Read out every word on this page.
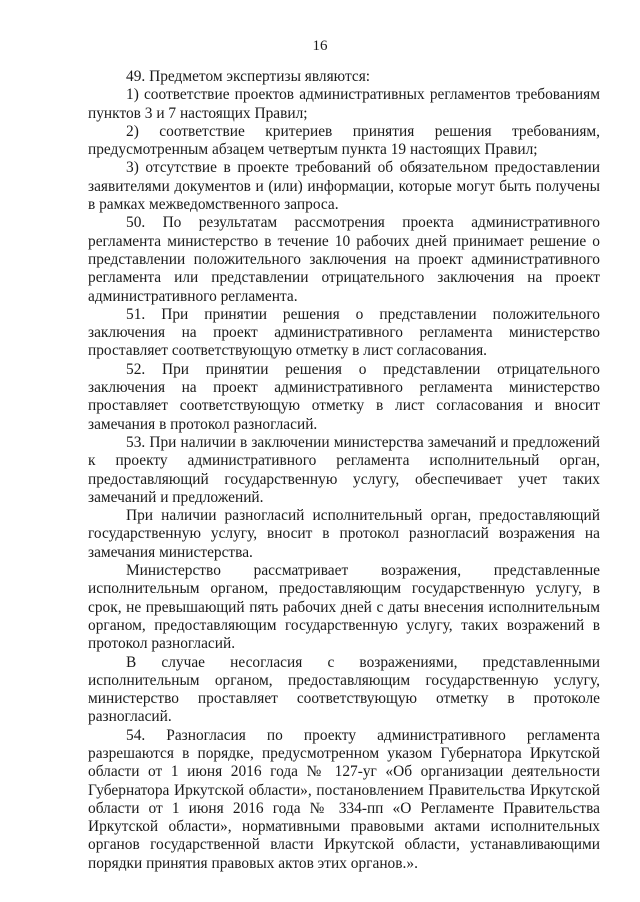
16

49. Предметом экспертизы являются:

1) соответствие проектов административных регламентов требованиям пунктов 3 и 7 настоящих Правил;

2) соответствие критериев принятия решения требованиям, предусмотренным абзацем четвертым пункта 19 настоящих Правил;

3) отсутствие в проекте требований об обязательном предоставлении заявителями документов и (или) информации, которые могут быть получены в рамках межведомственного запроса.

50. По результатам рассмотрения проекта административного регламента министерство в течение 10 рабочих дней принимает решение о представлении положительного заключения на проект административного регламента или представлении отрицательного заключения на проект административного регламента.

51. При принятии решения о представлении положительного заключения на проект административного регламента министерство проставляет соответствующую отметку в лист согласования.

52. При принятии решения о представлении отрицательного заключения на проект административного регламента министерство проставляет соответствующую отметку в лист согласования и вносит замечания в протокол разногласий.

53. При наличии в заключении министерства замечаний и предложений к проекту административного регламента исполнительный орган, предоставляющий государственную услугу, обеспечивает учет таких замечаний и предложений.

При наличии разногласий исполнительный орган, предоставляющий государственную услугу, вносит в протокол разногласий возражения на замечания министерства.

Министерство рассматривает возражения, представленные исполнительным органом, предоставляющим государственную услугу, в срок, не превышающий пять рабочих дней с даты внесения исполнительным органом, предоставляющим государственную услугу, таких возражений в протокол разногласий.

В случае несогласия с возражениями, представленными исполнительным органом, предоставляющим государственную услугу, министерство проставляет соответствующую отметку в протоколе разногласий.

54. Разногласия по проекту административного регламента разрешаются в порядке, предусмотренном указом Губернатора Иркутской области от 1 июня 2016 года № 127-уг «Об организации деятельности Губернатора Иркутской области», постановлением Правительства Иркутской области от 1 июня 2016 года № 334-пп «О Регламенте Правительства Иркутской области», нормативными правовыми актами исполнительных органов государственной власти Иркутской области, устанавливающими порядки принятия правовых актов этих органов.».
